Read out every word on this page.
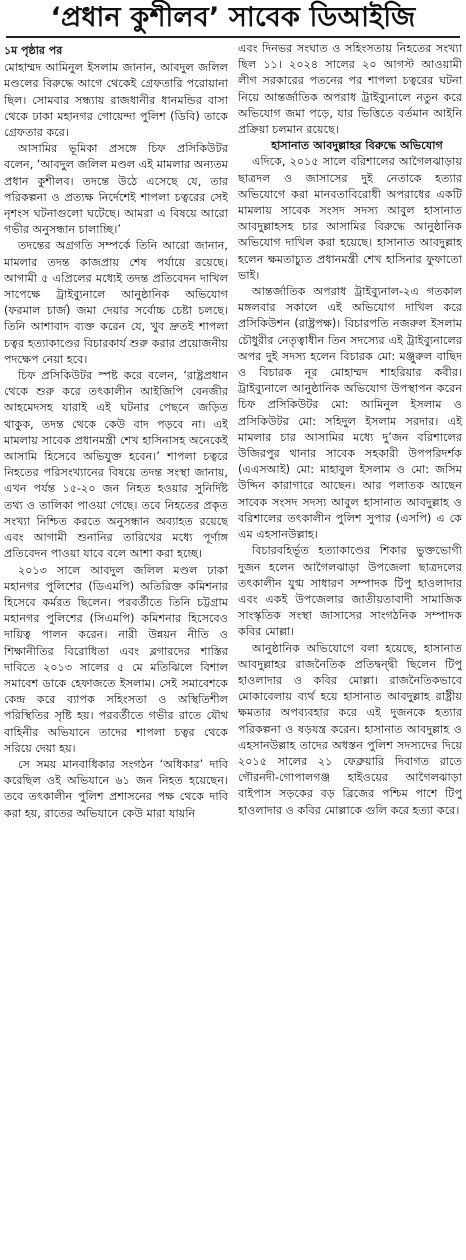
‘প্রধান কুশীলব’ সাবেক ডিআইজি
১ম পৃষ্ঠার পর

মোহাম্মদ আমিনুল ইসলাম জানান, আবদুল জলিল মণ্ডলের বিরুদ্ধে আগে থেকেই গ্রেফতারি পরোয়ানা ছিল। সোমবার সন্ধ্যায় রাজধানীর ধানমন্ডির বাসা থেকে ঢাকা মহানগর গোয়েন্দা পুলিশ (ডিবি) তাকে গ্রেফতার করে।

আসামির ভূমিকা প্রসঙ্গে চিফ প্রসিকিউটর বলেন, ‘আবদুল জলিল মণ্ডল এই মামলার অন্যতম প্রধান কুশীলব। তদন্তে উঠে এসেছে যে, তার পরিকল্পনা ও প্রত্যক্ষ নির্দেশেই শাপলা চত্বরের সেই নৃশংস ঘটনাগুলো ঘটেছে। আমরা এ বিষয়ে আরো গভীর অনুসন্ধান চালাচ্ছি।’

তদন্তের অগ্রগতি সম্পর্কে তিনি আরো জানান, মামলার তদন্ত কাজপ্রায় শেষ পর্যায়ে রয়েছে। আগামী ৫ এপ্রিলের মধ্যেই তদন্ত প্রতিবেদন দাখিল সাপেক্ষে ট্রাইব্যুনালে আনুষ্ঠানিক অভিযোগ (ফরমাল চার্জ) জমা দেয়ার সর্বোচ্চ চেষ্টা চলছে। তিনি আশাবাদ ব্যক্ত করেন যে, খুব দ্রুতই শাপলা চত্বর হত্যাকাণ্ডের বিচারকার্য শুরু করার প্রয়োজনীয় পদক্ষেপ নেয়া হবে।

চিফ প্রসিকিউটর স্পষ্ট করে বলেন, ‘রাষ্ট্রপ্রধান থেকে শুরু করে তৎকালীন আইজিপি বেনজীর আহমেদসহ যারাই এই ঘটনার পেছনে জড়িত থাকুক, তদন্ত থেকে কেউ বাদ পড়বে না। এই মামলায় সাবেক প্রধানমন্ত্রী শেখ হাসিনাসহ অনেকেই আসামি হিসেবে অভিযুক্ত হবেন।’ শাপলা চত্বরে নিহতের পরিসংখ্যানের বিষয়ে তদন্ত সংস্থা জানায়, এখন পর্যন্ত ১৫-২০ জন নিহত হওয়ার সুনির্দিষ্ট তথ্য ও তালিকা পাওয়া গেছে। তবে নিহতের প্রকৃত সংখ্যা নিশ্চিত করতে অনুসন্ধান অব্যাহত রয়েছে এবং আগামী শুনানির তারিখের মধ্যে পূর্ণাঙ্গ প্রতিবেদন পাওয়া যাবে বলে আশা করা হচ্ছে।

২০১৩ সালে আবদুল জলিল মণ্ডল ঢাকা মহানগর পুলিশের (ডিএমপি) অতিরিক্ত কমিশনার হিসেবে কর্মরত ছিলেন। পরবর্তীতে তিনি চট্টগ্রাম মহানগর পুলিশের (সিএমপি) কমিশনার হিসেবেও দায়িত্ব পালন করেন। নারী উন্নয়ন নীতি ও শিক্ষানীতির বিরোধিতা এবং ব্লগারদের শাস্তির দাবিতে ২০১৩ সালের ৫ মে মতিঝিলে বিশাল সমাবেশ ডাকে হেফাজতে ইসলাম। সেই সমাবেশকে কেন্দ্র করে ব্যাপক সহিংসতা ও অস্থিতিশীল পরিস্থিতির সৃষ্টি হয়। পরবর্তীতে গভীর রাতে যৌথ বাহিনীর অভিযানে তাদের শাপলা চত্বর থেকে সরিয়ে দেয়া হয়।

সে সময় মানবাধিকার সংগঠন ‘অধিকার’ দাবি করেছিল ওই অভিযানে ৬১ জন নিহত হয়েছেন। তবে তৎকালীন পুলিশ প্রশাসনের পক্ষ থেকে দাবি করা হয়, রাতের অভিযানে কেউ মারা যায়নি

এবং দিনভর সংঘাত ও সহিংসতায় নিহতের সংখ্যা ছিল ১১। ২০২৪ সালের ২০ আগস্ট আওয়ামী লীগ সরকারের পতনের পর শাপলা চত্বরের ঘটনা নিয়ে আন্তর্জাতিক অপরাধ ট্রাইব্যুনালে নতুন করে অভিযোগ জমা পড়ে, যার ভিত্তিতে বর্তমান আইনি প্রক্রিয়া চলমান রয়েছে।

হাসানাত আবদুল্লাহর বিরুদ্ধে অভিযোগ

এদিকে, ২০১৫ সালে বরিশালের আগৈলঝাড়ায় ছাত্রদল ও জাসাসের দুই নেতাকে হত্যার অভিযোগে করা মানবতাবিরোধী অপরাধের একটি মামলায় সাবেক সংসদ সদস্য আবুল হাসানাত আবদুল্লাহসহ চার আসামির বিরুদ্ধে আনুষ্ঠানিক অভিযোগ দাখিল করা হয়েছে। হাসানাত আবদুল্লাহ হলেন ক্ষমতাচ্যুত প্রধানমন্ত্রী শেখ হাসিনার ফুফাতো ভাই।

আন্তর্জাতিক অপরাধ ট্রাইব্যুনাল-২এ গতকাল মঙ্গলবার সকালে এই অভিযোগ দাখিল করে প্রসিকিউশন (রাষ্ট্রপক্ষ)। বিচারপতি নজরুল ইসলাম চৌধুরীর নেতৃত্বাধীন তিন সদস্যের এই ট্রাইব্যুনালের অপর দুই সদস্য হলেন বিচারক মো: মঞ্জুরুল বাছিদ ও বিচারক নূর মোহাম্মদ শাহরিয়ার কবীর। ট্রাইব্যুনালে আনুষ্ঠানিক অভিযোগ উপস্থাপন করেন চিফ প্রসিকিউটর মো: আমিনুল ইসলাম ও প্রসিকিউটর মো: সহিদুল ইসলাম সরদার। এই মামলার চার আসামির মধ্যে দু’জন বরিশালের উজিরপুর থানার সাবেক সহকারী উপপরিদর্শক (এএসআই) মো: মাহাবুল ইসলাম ও মো: জসিম উদ্দিন কারাগারে আছেন। আর পলাতক আছেন সাবেক সংসদ সদস্য আবুল হাসানাত আবদুল্লাহ ও বরিশালের তৎকালীন পুলিশ সুপার (এসপি) এ কে এম এহসানউল্লাহ।

বিচারবহির্ভূত হত্যাকাণ্ডের শিকার ভুক্তভোগী দুজন হলেন আগৈলঝাড়া উপজেলা ছাত্রদলের তৎকালীন যুগ্ম সাধারণ সম্পাদক টিপু হাওলাদার এবং একই উপজেলার জাতীয়তাবাদী সামাজিক সাংস্কৃতিক সংস্থা জাসাসের সাংগঠনিক সম্পাদক কবির মোল্লা।

আনুষ্ঠানিক অভিযোগে বলা হয়েছে, হাসানাত আবদুল্লাহর রাজনৈতিক প্রতিদ্বন্দ্বী ছিলেন টিপু হাওলাদার ও কবির মোল্লা। রাজনৈতিকভাবে মোকাবেলায় ব্যর্থ হয়ে হাসানাত আবদুল্লাহ রাষ্ট্রীয় ক্ষমতার অপব্যবহার করে এই দুজনকে হত্যার পরিকল্পনা ও ষড়যন্ত্র করেন। হাসানাত আবদুল্লাহ ও এহসানউল্লাহ তাদের অধস্তন পুলিশ সদস্যদের দিয়ে ২০১৫ সালের ২১ ফেব্রুয়ারি দিবাগত রাতে গৌরনদী-গোপালগঞ্জ হাইওয়ের আগৈলঝাড়া বাইপাস সড়কের বড় ব্রিজের পশ্চিম পাশে টিপু হাওলাদার ও কবির মোল্লাকে গুলি করে হত্যা করে।
